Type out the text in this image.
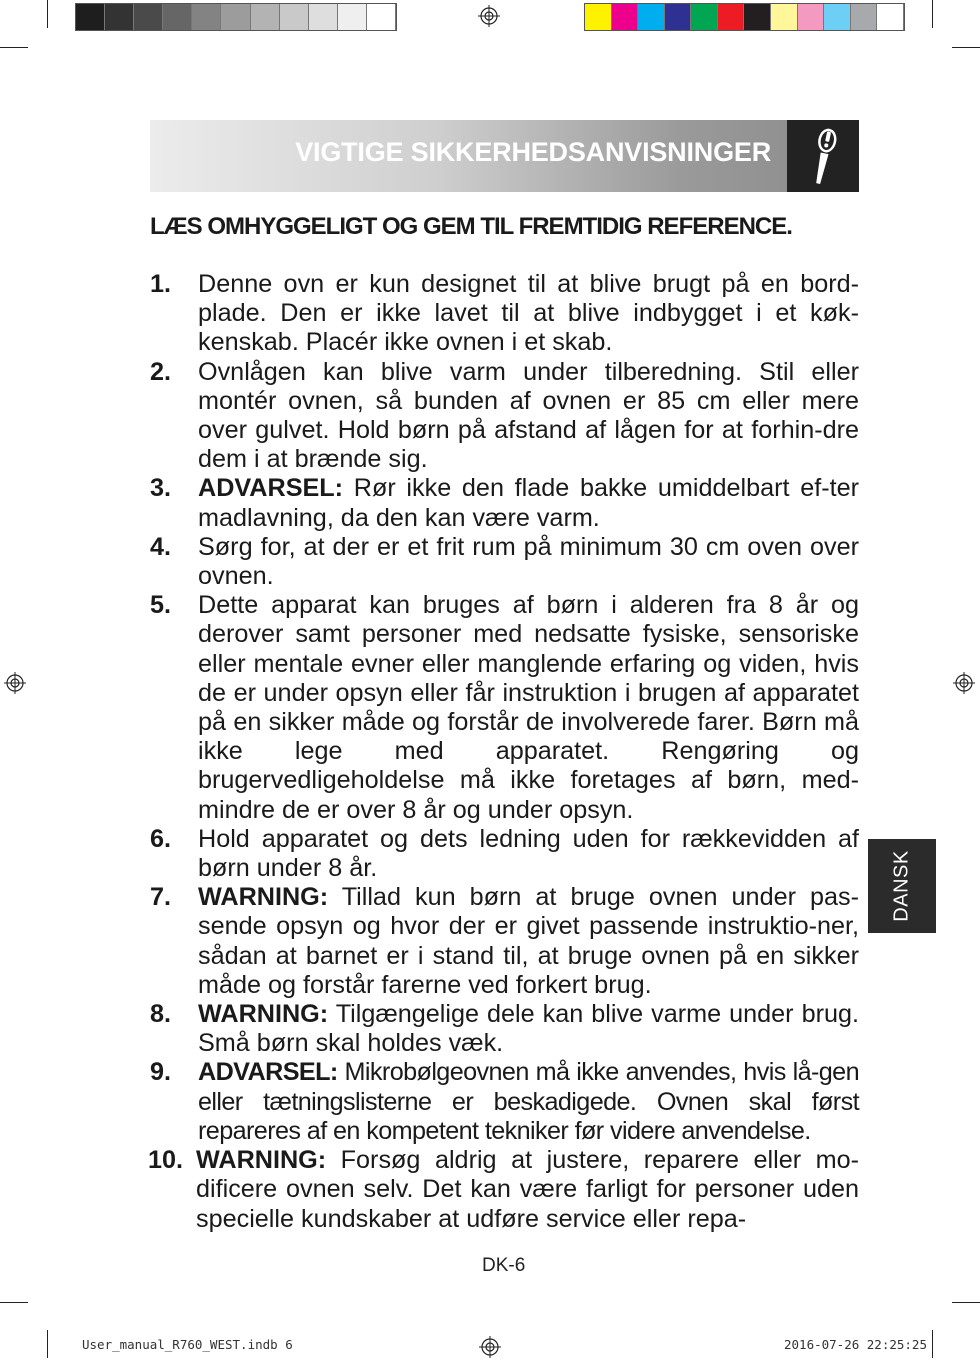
VIGTIGE SIKKERHEDSANVISNINGER
LÆS OMHYGGELIGT OG GEM TIL FREMTIDIG REFERENCE.
1.	Denne ovn er kun designet til at blive brugt på en bord-plade. Den er ikke lavet til at blive indbygget i et køk-kenskab. Placér ikke ovnen i et skab.
2.	Ovnlågen kan blive varm under tilberedning. Stil eller montér ovnen, så bunden af ovnen er 85 cm eller mere over gulvet. Hold børn på afstand af lågen for at forhin-dre dem i at brænde sig.
3.	ADVARSEL: Rør ikke den flade bakke umiddelbart ef-ter madlavning, da den kan være varm.
4.	Sørg for, at der er et frit rum på minimum 30 cm oven over ovnen.
5.	Dette apparat kan bruges af børn i alderen fra 8 år og derover samt personer med nedsatte fysiske, sensoriske eller mentale evner eller manglende erfaring og viden, hvis de er under opsyn eller får instruktion i brugen af apparatet på en sikker måde og forstår de involverede farer. Børn må ikke lege med apparatet. Rengøring og brugervedligeholdelse må ikke foretages af børn, med-mindre de er over 8 år og under opsyn.
6.	Hold apparatet og dets ledning uden for rækkevidden af børn under 8 år.
7.	WARNING: Tillad kun børn at bruge ovnen under pas-sende opsyn og hvor der er givet passende instruktio-ner, sådan at barnet er i stand til, at bruge ovnen på en sikker måde og forstår farerne ved forkert brug.
8.	WARNING: Tilgængelige dele kan blive varme under brug. Små børn skal holdes væk.
9.	ADVARSEL: Mikrobølgeovnen må ikke anvendes, hvis lå-gen eller tætningslisterne er beskadigede. Ovnen skal først repareres af en kompetent tekniker før videre anvendelse.
10. WARNING: Forsøg aldrig at justere, reparere eller mo-dificere ovnen selv. Det kan være farligt for personer uden specielle kundskaber at udføre service eller repa-
DANSK
DK-6
User_manual_R760_WEST.indb 6	2016-07-26 22:25:25
